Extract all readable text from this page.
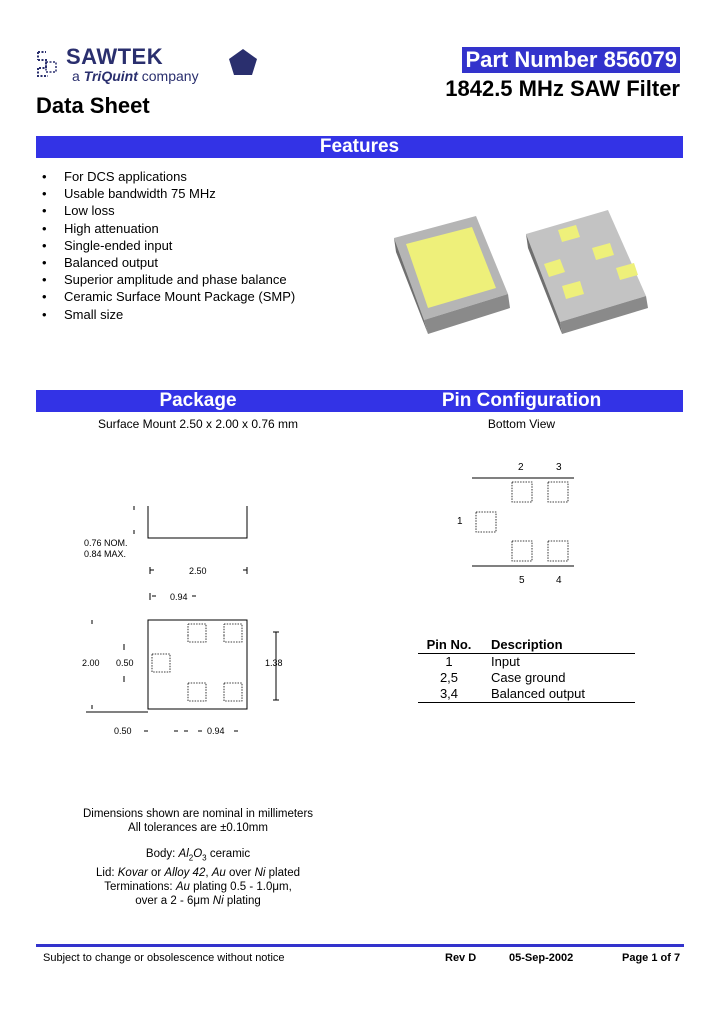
SAWTEK
a TriQuint company
Data Sheet
Part Number 856079
1842.5 MHz SAW Filter
Features
• For DCS applications
• Usable bandwidth 75 MHz
• Low loss
• High attenuation
• Single-ended input
• Balanced output
• Superior amplitude and phase balance
• Ceramic Surface Mount Package (SMP)
• Small size
Package	Pin Configuration
Surface Mount 2.50 x 2.00 x 0.76 mm	Bottom View
0.76 NOM.
0.84 MAX.
2.50
0.94
2.00 0.50	1.38
0.50	0.94
2	3
1
5	4
Pin No.	Description
1	Input
2,5	Case ground
3,4	Balanced output
Dimensions shown are nominal in millimeters
All tolerances are ±0.10mm
Body: $Al_2O_3$ ceramic
Lid: Kovar or Alloy 42, Au over Ni plated
Terminations: Au plating 0.5 - 1.0μm,
over a 2 - 6μm Ni plating
Subject to change or obsolescence without notice	Rev D	05-Sep-2002	Page 1 of 7
